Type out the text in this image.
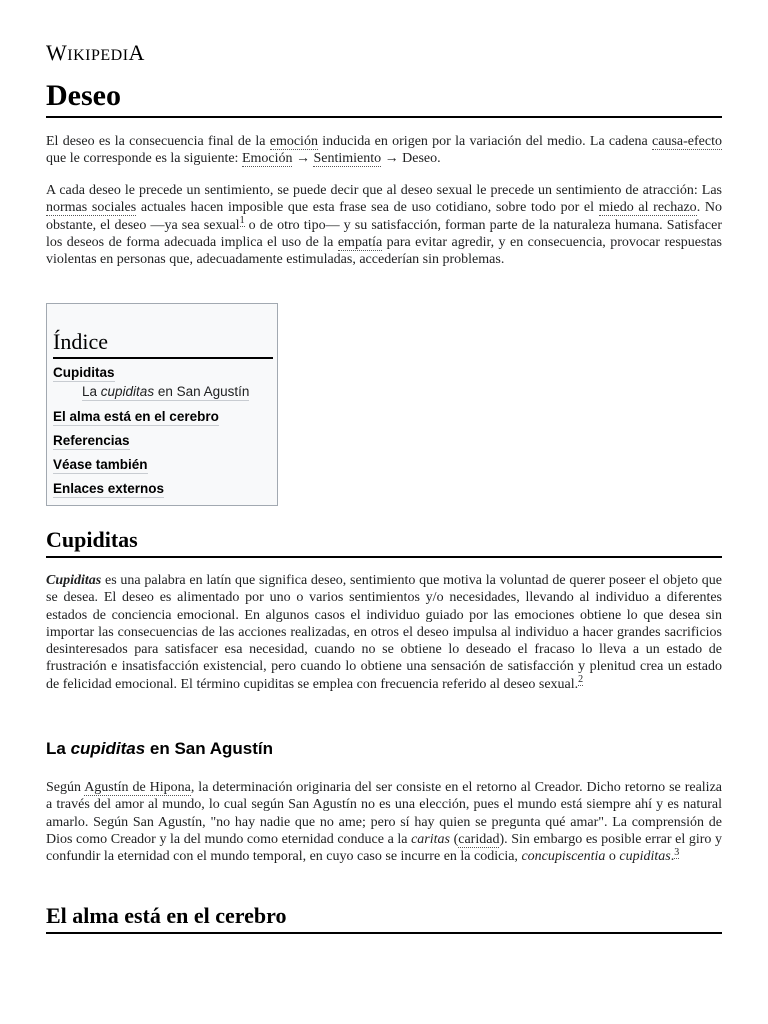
WIKIPEDIA
Deseo

El deseo es la consecuencia final de la emoción inducida en origen por la variación del medio. La cadena causa-efecto que le corresponde es la siguiente: Emoción → Sentimiento → Deseo.

A cada deseo le precede un sentimiento, se puede decir que al deseo sexual le precede un sentimiento de atracción: Las normas sociales actuales hacen imposible que esta frase sea de uso cotidiano, sobre todo por el miedo al rechazo. No obstante, el deseo —ya sea sexual$^1$ o de otro tipo— y su satisfacción, forman parte de la naturaleza humana. Satisfacer los deseos de forma adecuada implica el uso de la empatía para evitar agredir, y en consecuencia, provocar respuestas violentas en personas que, adecuadamente estimuladas, accederían sin problemas.

Índice
Cupiditas
La cupiditas en San Agustín
El alma está en el cerebro
Referencias
Véase también
Enlaces externos
Cupiditas

Cupiditas es una palabra en latín que significa deseo, sentimiento que motiva la voluntad de querer poseer el objeto que se desea. El deseo es alimentado por uno o varios sentimientos y/o necesidades, llevando al individuo a diferentes estados de conciencia emocional. En algunos casos el individuo guiado por las emociones obtiene lo que desea sin importar las consecuencias de las acciones realizadas, en otros el deseo impulsa al individuo a hacer grandes sacrificios desinteresados para satisfacer esa necesidad, cuando no se obtiene lo deseado el fracaso lo lleva a un estado de frustración e insatisfacción existencial, pero cuando lo obtiene una sensación de satisfacción y plenitud crea un estado de felicidad emocional. El término cupiditas se emplea con frecuencia referido al deseo sexual.$^2$

La cupiditas en San Agustín

Según Agustín de Hipona, la determinación originaria del ser consiste en el retorno al Creador. Dicho retorno se realiza a través del amor al mundo, lo cual según San Agustín no es una elección, pues el mundo está siempre ahí y es natural amarlo. Según San Agustín, "no hay nadie que no ame; pero sí hay quien se pregunta qué amar". La comprensión de Dios como Creador y la del mundo como eternidad conduce a la caritas (caridad). Sin embargo es posible errar el giro y confundir la eternidad con el mundo temporal, en cuyo caso se incurre en la codicia, concupiscentia o cupiditas.$^3$

El alma está en el cerebro
